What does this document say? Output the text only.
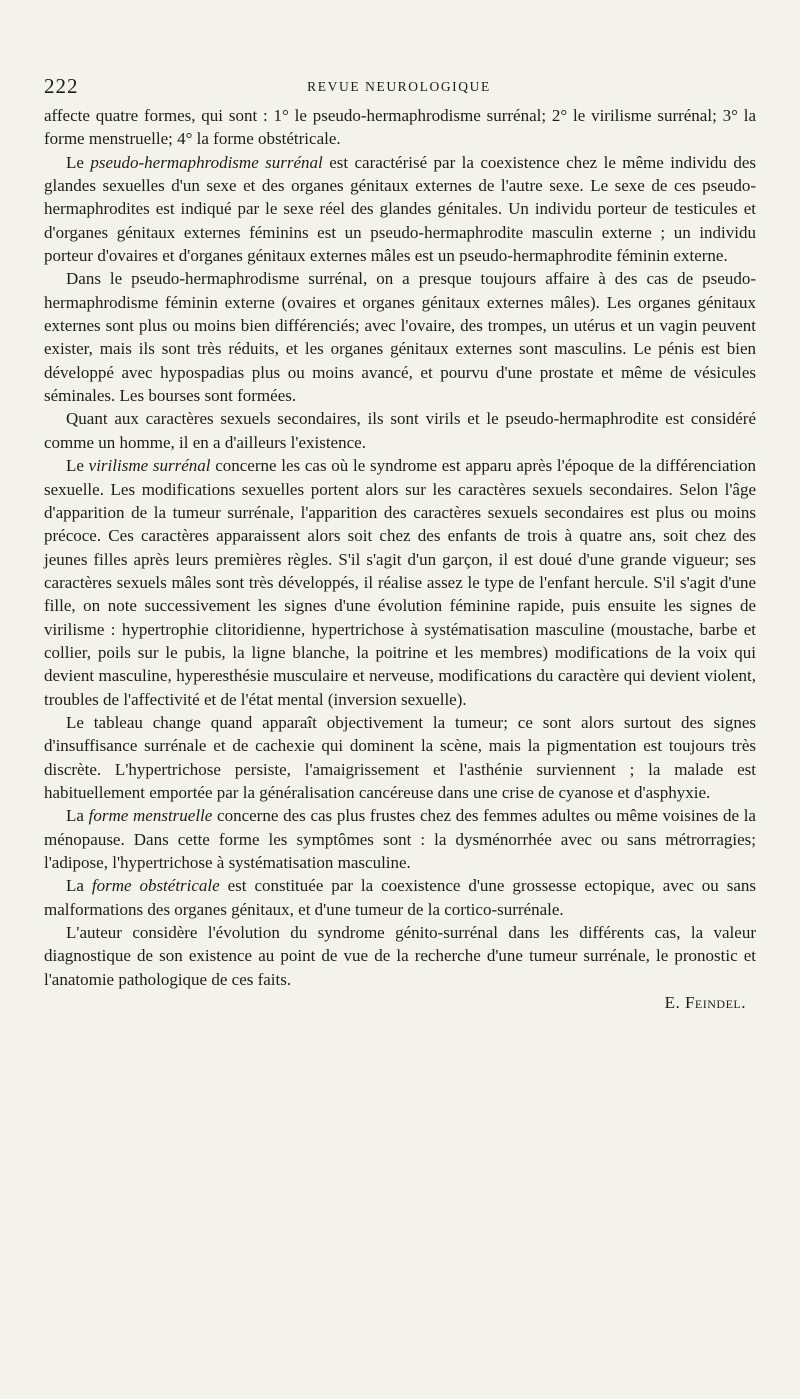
222	REVUE NEUROLOGIQUE

affecte quatre formes, qui sont : 1° le pseudo-hermaphrodisme surrénal; 2° le virilisme surrénal; 3° la forme menstruelle; 4° la forme obstétricale.

Le pseudo-hermaphrodisme surrénal est caractérisé par la coexistence chez le même individu des glandes sexuelles d'un sexe et des organes génitaux externes de l'autre sexe. Le sexe de ces pseudo-hermaphrodites est indiqué par le sexe réel des glandes génitales. Un individu porteur de testicules et d'organes génitaux externes féminins est un pseudo-hermaphrodite masculin externe ; un individu porteur d'ovaires et d'organes génitaux externes mâles est un pseudo-hermaphrodite féminin externe.

Dans le pseudo-hermaphrodisme surrénal, on a presque toujours affaire à des cas de pseudo-hermaphrodisme féminin externe (ovaires et organes génitaux externes mâles). Les organes génitaux externes sont plus ou moins bien différenciés; avec l'ovaire, des trompes, un utérus et un vagin peuvent exister, mais ils sont très réduits, et les organes génitaux externes sont masculins. Le pénis est bien développé avec hypospadias plus ou moins avancé, et pourvu d'une prostate et même de vésicules séminales. Les bourses sont formées.

Quant aux caractères sexuels secondaires, ils sont virils et le pseudo-hermaphrodite est considéré comme un homme, il en a d'ailleurs l'existence.

Le virilisme surrénal concerne les cas où le syndrome est apparu après l'époque de la différenciation sexuelle. Les modifications sexuelles portent alors sur les caractères sexuels secondaires. Selon l'âge d'apparition de la tumeur surrénale, l'apparition des caractères sexuels secondaires est plus ou moins précoce. Ces caractères apparaissent alors soit chez des enfants de trois à quatre ans, soit chez des jeunes filles après leurs premières règles. S'il s'agit d'un garçon, il est doué d'une grande vigueur; ses caractères sexuels mâles sont très développés, il réalise assez le type de l'enfant hercule. S'il s'agit d'une fille, on note successivement les signes d'une évolution féminine rapide, puis ensuite les signes de virilisme : hypertrophie clitoridienne, hypertrichose à systématisation masculine (moustache, barbe et collier, poils sur le pubis, la ligne blanche, la poitrine et les membres) modifications de la voix qui devient masculine, hyperesthésie musculaire et nerveuse, modifications du caractère qui devient violent, troubles de l'affectivité et de l'état mental (inversion sexuelle).

Le tableau change quand apparaît objectivement la tumeur; ce sont alors surtout des signes d'insuffisance surrénale et de cachexie qui dominent la scène, mais la pigmentation est toujours très discrète. L'hypertrichose persiste, l'amaigrissement et l'asthénie surviennent ; la malade est habituellement emportée par la généralisation cancéreuse dans une crise de cyanose et d'asphyxie.

La forme menstruelle concerne des cas plus frustes chez des femmes adultes ou même voisines de la ménopause. Dans cette forme les symptômes sont : la dysménorrhée avec ou sans métrorragies; l'adipose, l'hypertrichose à systématisation masculine.

La forme obstétricale est constituée par la coexistence d'une grossesse ectopique, avec ou sans malformations des organes génitaux, et d'une tumeur de la cortico-surrénale.

L'auteur considère l'évolution du syndrome génito-surrénal dans les différents cas, la valeur diagnostique de son existence au point de vue de la recherche d'une tumeur surrénale, le pronostic et l'anatomie pathologique de ces faits.

E. Feindel.
